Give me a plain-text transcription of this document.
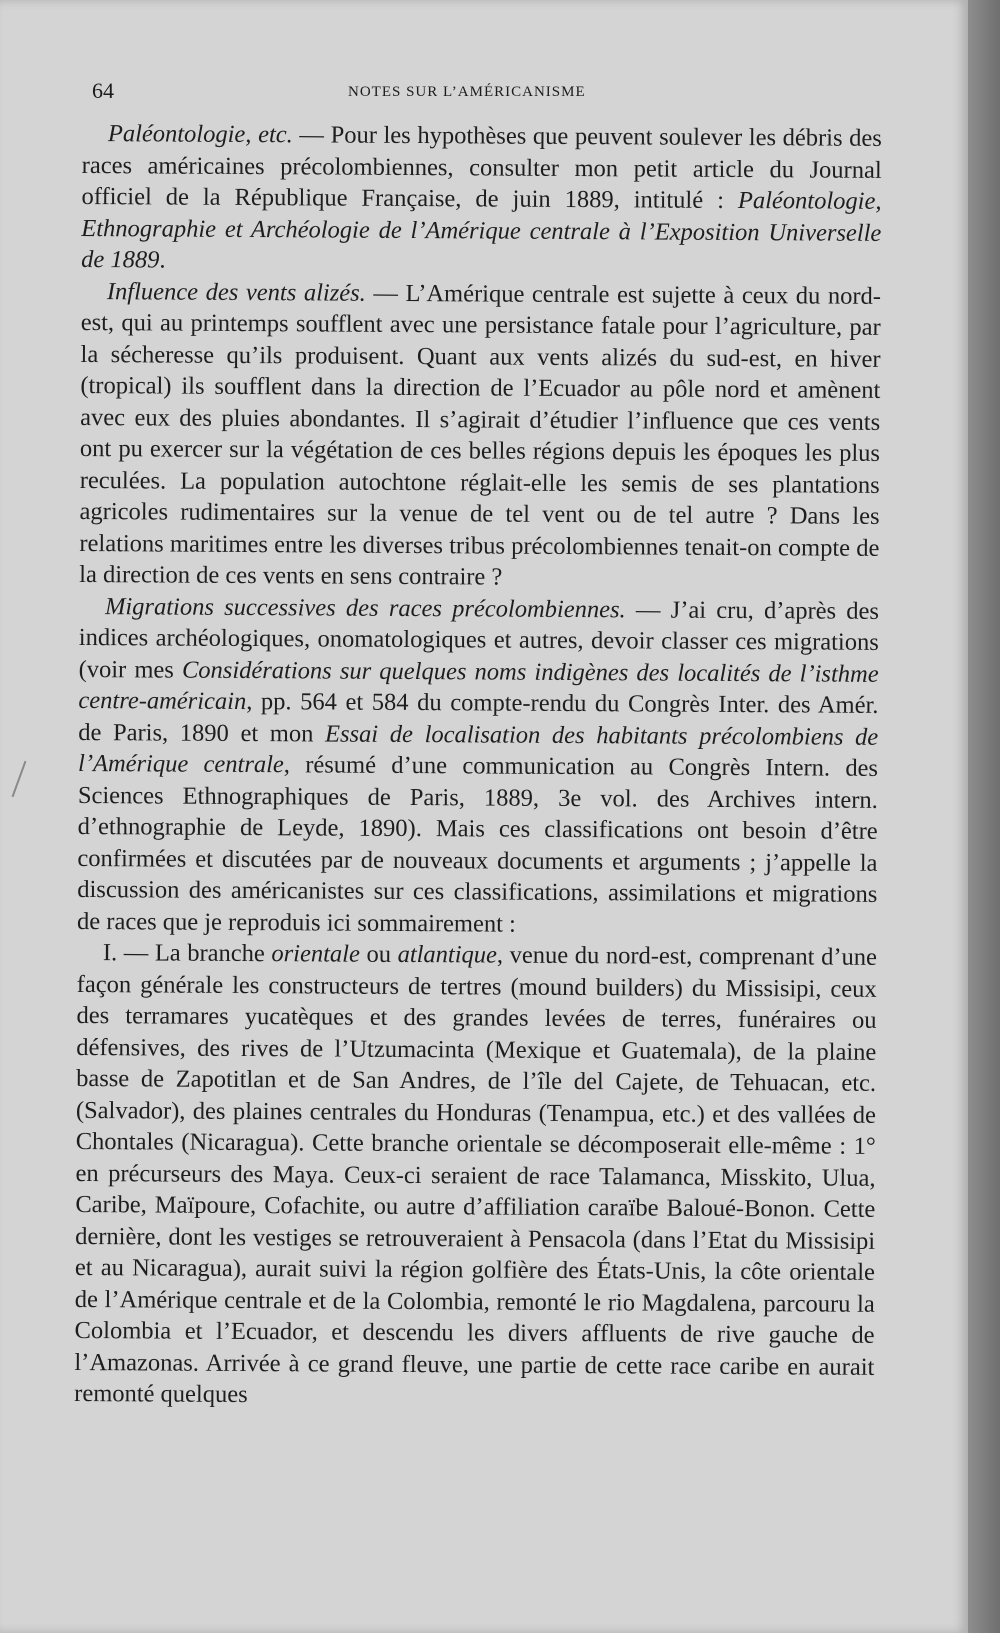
64	NOTES SUR L’AMÉRICANISME

Paléontologie, etc. — Pour les hypothèses que peuvent soulever les débris des races américaines précolombiennes, consulter mon petit article du Journal officiel de la République Française, de juin 1889, intitulé : Paléontologie, Ethnographie et Archéologie de l’Amérique centrale à l’Exposition Universelle de 1889.

Influence des vents alizés. — L’Amérique centrale est sujette à ceux du nord-est, qui au printemps soufflent avec une persistance fatale pour l’agriculture, par la sécheresse qu’ils produisent. Quant aux vents alizés du sud-est, en hiver (tropical) ils soufflent dans la direction de l’Ecuador au pôle nord et amènent avec eux des pluies abondantes. Il s’agirait d’étudier l’influence que ces vents ont pu exercer sur la végétation de ces belles régions depuis les époques les plus reculées. La population autochtone réglait-elle les semis de ses plantations agricoles rudimentaires sur la venue de tel vent ou de tel autre ? Dans les relations maritimes entre les diverses tribus précolombiennes tenait-on compte de la direction de ces vents en sens contraire ?

Migrations successives des races précolombiennes. — J’ai cru, d’après des indices archéologiques, onomatologiques et autres, devoir classer ces migrations (voir mes Considérations sur quelques noms indigènes des localités de l’isthme centre-américain, pp. 564 et 584 du compte-rendu du Congrès Inter. des Amér. de Paris, 1890 et mon Essai de localisation des habitants précolombiens de l’Amérique centrale, résumé d’une communication au Congrès Intern. des Sciences Ethnographiques de Paris, 1889, 3e vol. des Archives intern. d’ethnographie de Leyde, 1890). Mais ces classifications ont besoin d’être confirmées et discutées par de nouveaux documents et arguments ; j’appelle la discussion des américanistes sur ces classifications, assimilations et migrations de races que je reproduis ici sommairement :

I. — La branche orientale ou atlantique, venue du nord-est, comprenant d’une façon générale les constructeurs de tertres (mound builders) du Missisipi, ceux des terramares yucatèques et des grandes levées de terres, funéraires ou défensives, des rives de l’Utzumacinta (Mexique et Guatemala), de la plaine basse de Zapotitlan et de San Andres, de l’île del Cajete, de Tehuacan, etc. (Salvador), des plaines centrales du Honduras (Tenampua, etc.) et des vallées de Chontales (Nicaragua). Cette branche orientale se décomposerait elle-même : 1° en précurseurs des Maya. Ceux-ci seraient de race Talamanca, Misskito, Ulua, Caribe, Maïpoure, Cofachite, ou autre d’affiliation caraïbe Baloué-Bonon. Cette dernière, dont les vestiges se retrouveraient à Pensacola (dans l’Etat du Missisipi et au Nicaragua), aurait suivi la région golfière des États-Unis, la côte orientale de l’Amérique centrale et de la Colombia, remonté le rio Magdalena, parcouru la Colombia et l’Ecuador, et descendu les divers affluents de rive gauche de l’Amazonas. Arrivée à ce grand fleuve, une partie de cette race caribe en aurait remonté quelques
